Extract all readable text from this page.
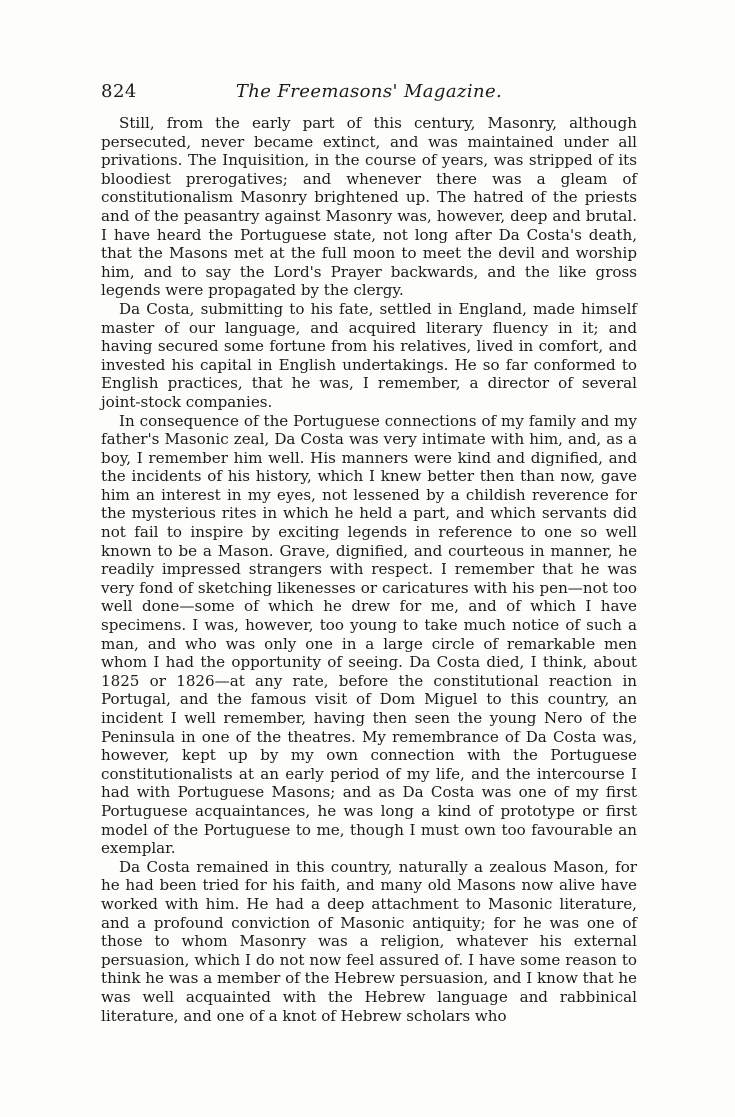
824	The Freemasons' Magazine.

Still, from the early part of this century, Masonry, although persecuted, never became extinct, and was maintained under all privations. The Inquisition, in the course of years, was stripped of its bloodiest prerogatives; and whenever there was a gleam of constitutionalism Masonry brightened up. The hatred of the priests and of the peasantry against Masonry was, however, deep and brutal. I have heard the Portuguese state, not long after Da Costa's death, that the Masons met at the full moon to meet the devil and worship him, and to say the Lord's Prayer backwards, and the like gross legends were propagated by the clergy.

Da Costa, submitting to his fate, settled in England, made himself master of our language, and acquired literary fluency in it; and having secured some fortune from his relatives, lived in comfort, and invested his capital in English undertakings. He so far conformed to English practices, that he was, I remember, a director of several joint-stock companies.

In consequence of the Portuguese connections of my family and my father's Masonic zeal, Da Costa was very intimate with him, and, as a boy, I remember him well. His manners were kind and dignified, and the incidents of his history, which I knew better then than now, gave him an interest in my eyes, not lessened by a childish reverence for the mysterious rites in which he held a part, and which servants did not fail to inspire by exciting legends in reference to one so well known to be a Mason. Grave, dignified, and courteous in manner, he readily impressed strangers with respect. I remember that he was very fond of sketching likenesses or caricatures with his pen—not too well done—some of which he drew for me, and of which I have specimens. I was, however, too young to take much notice of such a man, and who was only one in a large circle of remarkable men whom I had the opportunity of seeing. Da Costa died, I think, about 1825 or 1826—at any rate, before the constitutional reaction in Portugal, and the famous visit of Dom Miguel to this country, an incident I well remember, having then seen the young Nero of the Peninsula in one of the theatres. My remembrance of Da Costa was, however, kept up by my own connection with the Portuguese constitutionalists at an early period of my life, and the intercourse I had with Portuguese Masons; and as Da Costa was one of my first Portuguese acquaintances, he was long a kind of prototype or first model of the Portuguese to me, though I must own too favourable an exemplar.

Da Costa remained in this country, naturally a zealous Mason, for he had been tried for his faith, and many old Masons now alive have worked with him. He had a deep attachment to Masonic literature, and a profound conviction of Masonic antiquity; for he was one of those to whom Masonry was a religion, whatever his external persuasion, which I do not now feel assured of. I have some reason to think he was a member of the Hebrew persuasion, and I know that he was well acquainted with the Hebrew language and rabbinical literature, and one of a knot of Hebrew scholars who
